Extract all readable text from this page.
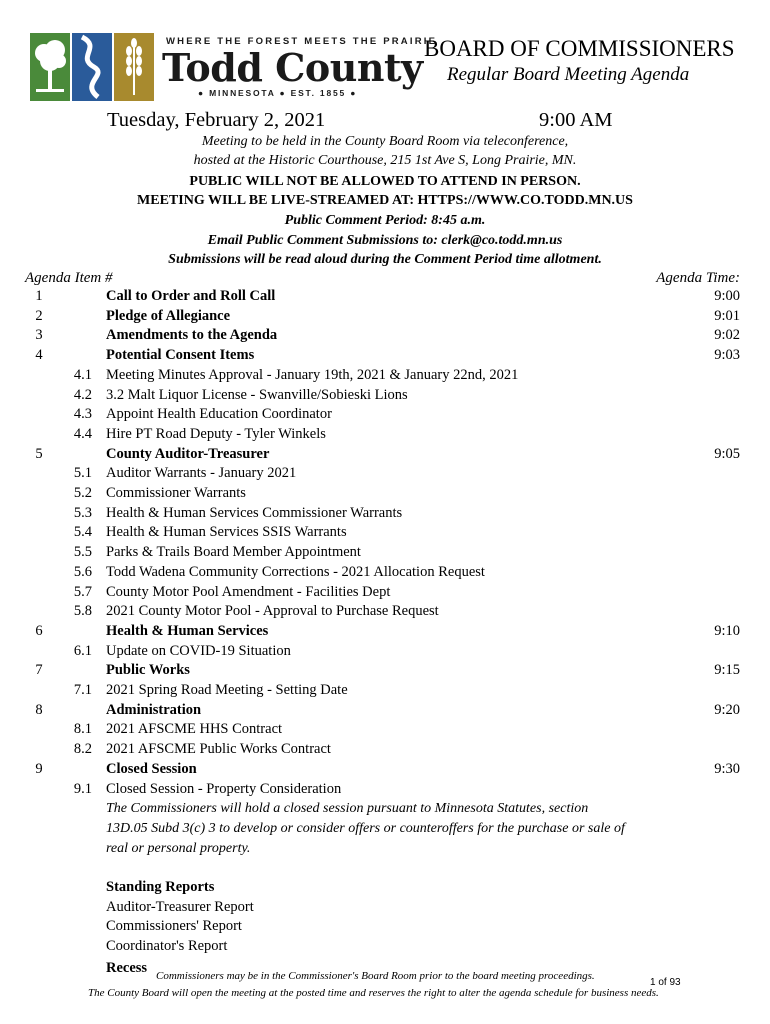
WHERE THE FOREST MEETS THE PRAIRIE
Todd County
● MINNESOTA ● EST. 1855 ●
BOARD OF COMMISSIONERS
Regular Board Meeting Agenda
Tuesday, February 2, 2021	9:00 AM
Meeting to be held in the County Board Room via teleconference,
hosted at the Historic Courthouse, 215 1st Ave S, Long Prairie, MN.
PUBLIC WILL NOT BE ALLOWED TO ATTEND IN PERSON.
MEETING WILL BE LIVE-STREAMED AT: HTTPS://WWW.CO.TODD.MN.US
Public Comment Period: 8:45 a.m.
Email Public Comment Submissions to: clerk@co.todd.mn.us
Submissions will be read aloud during the Comment Period time allotment.
Agenda Item #	Agenda Time:
1	Call to Order and Roll Call	9:00
2	Pledge of Allegiance	9:01
3	Amendments to the Agenda	9:02
4	Potential Consent Items	9:03
4.1 Meeting Minutes Approval - January 19th, 2021 & January 22nd, 2021
4.2 3.2 Malt Liquor License - Swanville/Sobieski Lions
4.3 Appoint Health Education Coordinator
4.4 Hire PT Road Deputy - Tyler Winkels
5	County Auditor-Treasurer	9:05
5.1 Auditor Warrants - January 2021
5.2 Commissioner Warrants
5.3 Health & Human Services Commissioner Warrants
5.4 Health & Human Services SSIS Warrants
5.5 Parks & Trails Board Member Appointment
5.6 Todd Wadena Community Corrections - 2021 Allocation Request
5.7 County Motor Pool Amendment - Facilities Dept
5.8 2021 County Motor Pool - Approval to Purchase Request
6	Health & Human Services	9:10
6.1 Update on COVID-19 Situation
7	Public Works	9:15
7.1 2021 Spring Road Meeting - Setting Date
8	Administration	9:20
8.1 2021 AFSCME HHS Contract
8.2 2021 AFSCME Public Works Contract
9	Closed Session	9:30
9.1 Closed Session - Property Consideration
The Commissioners will hold a closed session pursuant to Minnesota Statutes, section
13D.05 Subd 3(c) 3 to develop or consider offers or counteroffers for the purchase or sale of
real or personal property.
Standing Reports
Auditor-Treasurer Report
Commissioners' Report
Coordinator's Report
Recess Commissioners may be in the Commissioner's Board Room prior to the board meeting proceedings.
1 of 93
The County Board will open the meeting at the posted time and reserves the right to alter the agenda schedule for business needs.
